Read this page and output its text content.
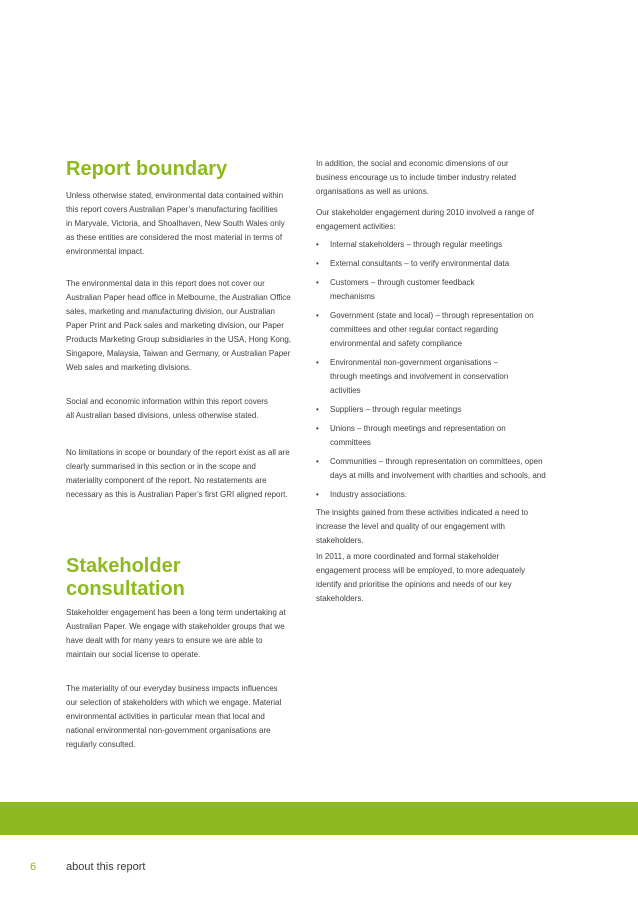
Report boundary

Unless otherwise stated, environmental data contained within this report covers Australian Paper’s manufacturing facilities in Maryvale, Victoria, and Shoalhaven, New South Wales only as these entities are considered the most material in terms of environmental impact.

The environmental data in this report does not cover our Australian Paper head office in Melbourne, the Australian Office sales, marketing and manufacturing division, our Australian Paper Print and Pack sales and marketing division, our Paper Products Marketing Group subsidiaries in the USA, Hong Kong, Singapore, Malaysia, Taiwan and Germany, or Australian Paper Web sales and marketing divisions.

Social and economic information within this report covers all Australian based divisions, unless otherwise stated.

No limitations in scope or boundary of the report exist as all are clearly summarised in this section or in the scope and materiality component of the report. No restatements are necessary as this is Australian Paper’s first GRI aligned report.

Stakeholder consultation

Stakeholder engagement has been a long term undertaking at Australian Paper. We engage with stakeholder groups that we have dealt with for many years to ensure we are able to maintain our social license to operate.

The materiality of our everyday business impacts influences our selection of stakeholders with which we engage. Material environmental activities in particular mean that local and national environmental non-government organisations are regularly consulted.

In addition, the social and economic dimensions of our business encourage us to include timber industry related organisations as well as unions.

Our stakeholder engagement during 2010 involved a range of engagement activities:

• Internal stakeholders – through regular meetings
• External consultants – to verify environmental data
• Customers – through customer feedback mechanisms
• Government (state and local) – through representation on committees and other regular contact regarding environmental and safety compliance
• Environmental non-government organisations – through meetings and involvement in conservation activities
• Suppliers – through regular meetings
• Unions – through meetings and representation on committees
• Communities – through representation on committees, open days at mills and involvement with charities and schools, and
• Industry associations.

The insights gained from these activities indicated a need to increase the level and quality of our engagement with stakeholders.

In 2011, a more coordinated and formal stakeholder engagement process will be employed, to more adequately identify and prioritise the opinions and needs of our key stakeholders.

6	about this report
